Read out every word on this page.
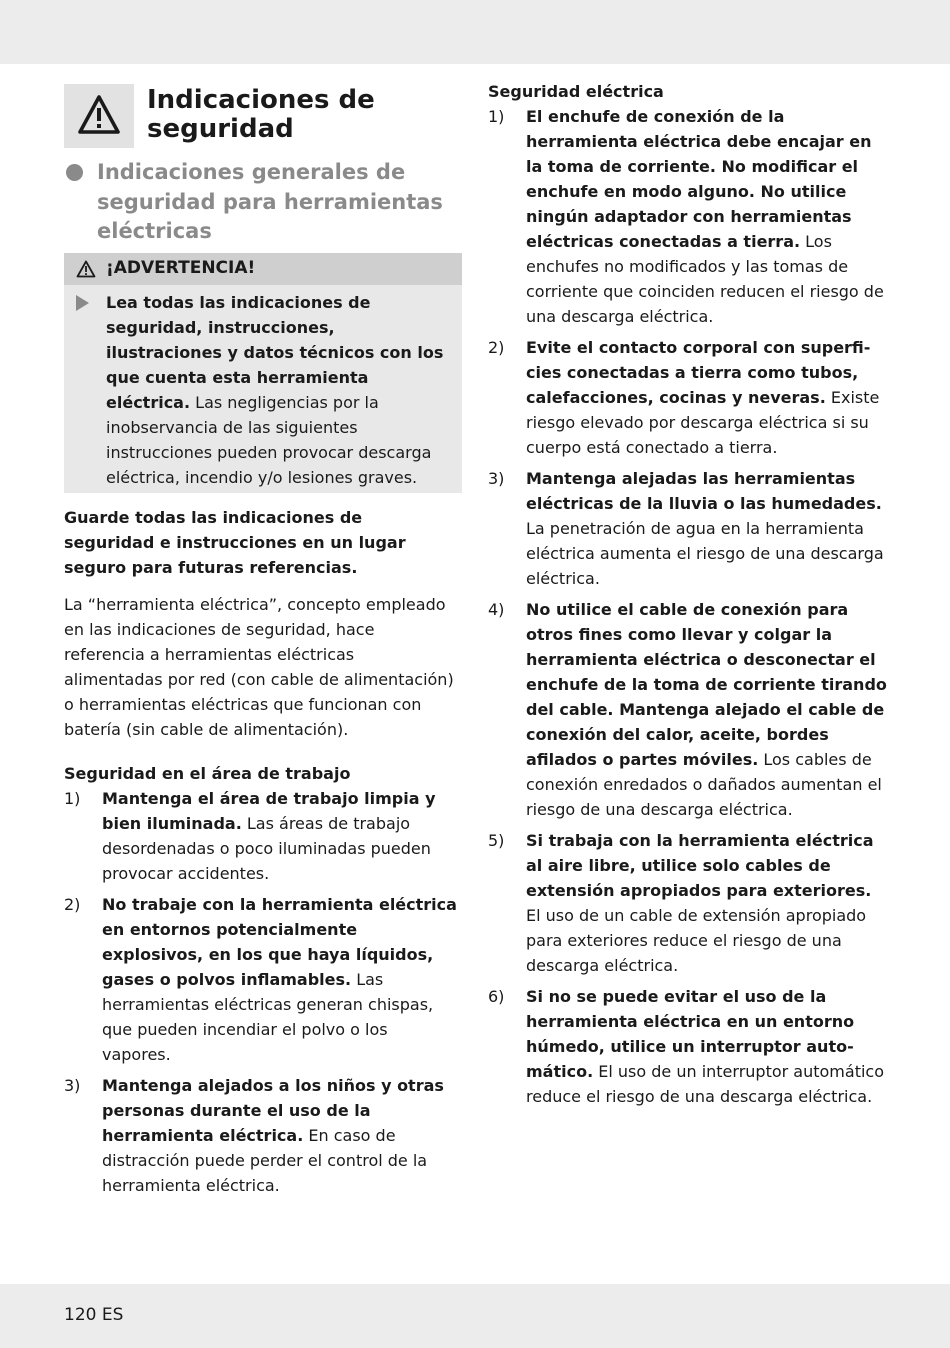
Indicaciones de seguridad
Indicaciones generales de seguridad para herramientas eléctricas
¡ADVERTENCIA!

Lea todas las indicaciones de seguridad, instrucciones, ilustraciones y datos técnicos con los que cuenta esta herramienta eléctrica. Las negligencias por la inobservancia de las siguientes instrucciones pueden provocar descarga eléctrica, incendio y/o lesiones graves.

Guarde todas las indicaciones de seguridad e instrucciones en un lugar seguro para futuras referencias.

La “herramienta eléctrica”, concepto empleado en las indicaciones de seguridad, hace referencia a herramientas eléctricas alimentadas por red (con cable de alimentación) o herramientas eléctricas que funcionan con batería (sin cable de alimentación).

Seguridad en el área de trabajo

1) Mantenga el área de trabajo limpia y bien iluminada. Las áreas de trabajo desordenadas o poco iluminadas pueden provocar accidentes.

2) No trabaje con la herramienta eléctrica en entornos potencialmente explosivos, en los que haya líquidos, gases o polvos inflamables. Las herramientas eléctricas generan chispas, que pueden incendiar el polvo o los vapores.

3) Mantenga alejados a los niños y otras personas durante el uso de la herramienta eléctrica. En caso de distracción puede perder el control de la herramienta eléctrica.

Seguridad eléctrica

1) El enchufe de conexión de la herramienta eléctrica debe encajar en la toma de corriente. No modificar el enchufe en modo alguno. No utilice ningún adaptador con herramientas eléctricas conectadas a tierra. Los enchufes no modificados y las tomas de corriente que coinciden reducen el riesgo de una descarga eléctrica.

2) Evite el contacto corporal con superfi- cies conectadas a tierra como tubos, calefacciones, cocinas y neveras. Existe riesgo elevado por descarga eléctrica si su cuerpo está conectado a tierra.

3) Mantenga alejadas las herramientas eléctricas de la lluvia o las humedades. La penetración de agua en la herramienta eléctrica aumenta el riesgo de una descarga eléctrica.

4) No utilice el cable de conexión para otros fines como llevar y colgar la herramienta eléctrica o desconectar el enchufe de la toma de corriente tirando del cable. Mantenga alejado el cable de conexión del calor, aceite, bordes afilados o partes móviles. Los cables de conexión enredados o dañados aumentan el riesgo de una descarga eléctrica.

5) Si trabaja con la herramienta eléctrica al aire libre, utilice solo cables de extensión apropiados para exteriores. El uso de un cable de extensión apropiado para exteriores reduce el riesgo de una descarga eléctrica.

6) Si no se puede evitar el uso de la herramienta eléctrica en un entorno húmedo, utilice un interruptor auto- mático. El uso de un interruptor automático reduce el riesgo de una descarga eléctrica.

120 ES
